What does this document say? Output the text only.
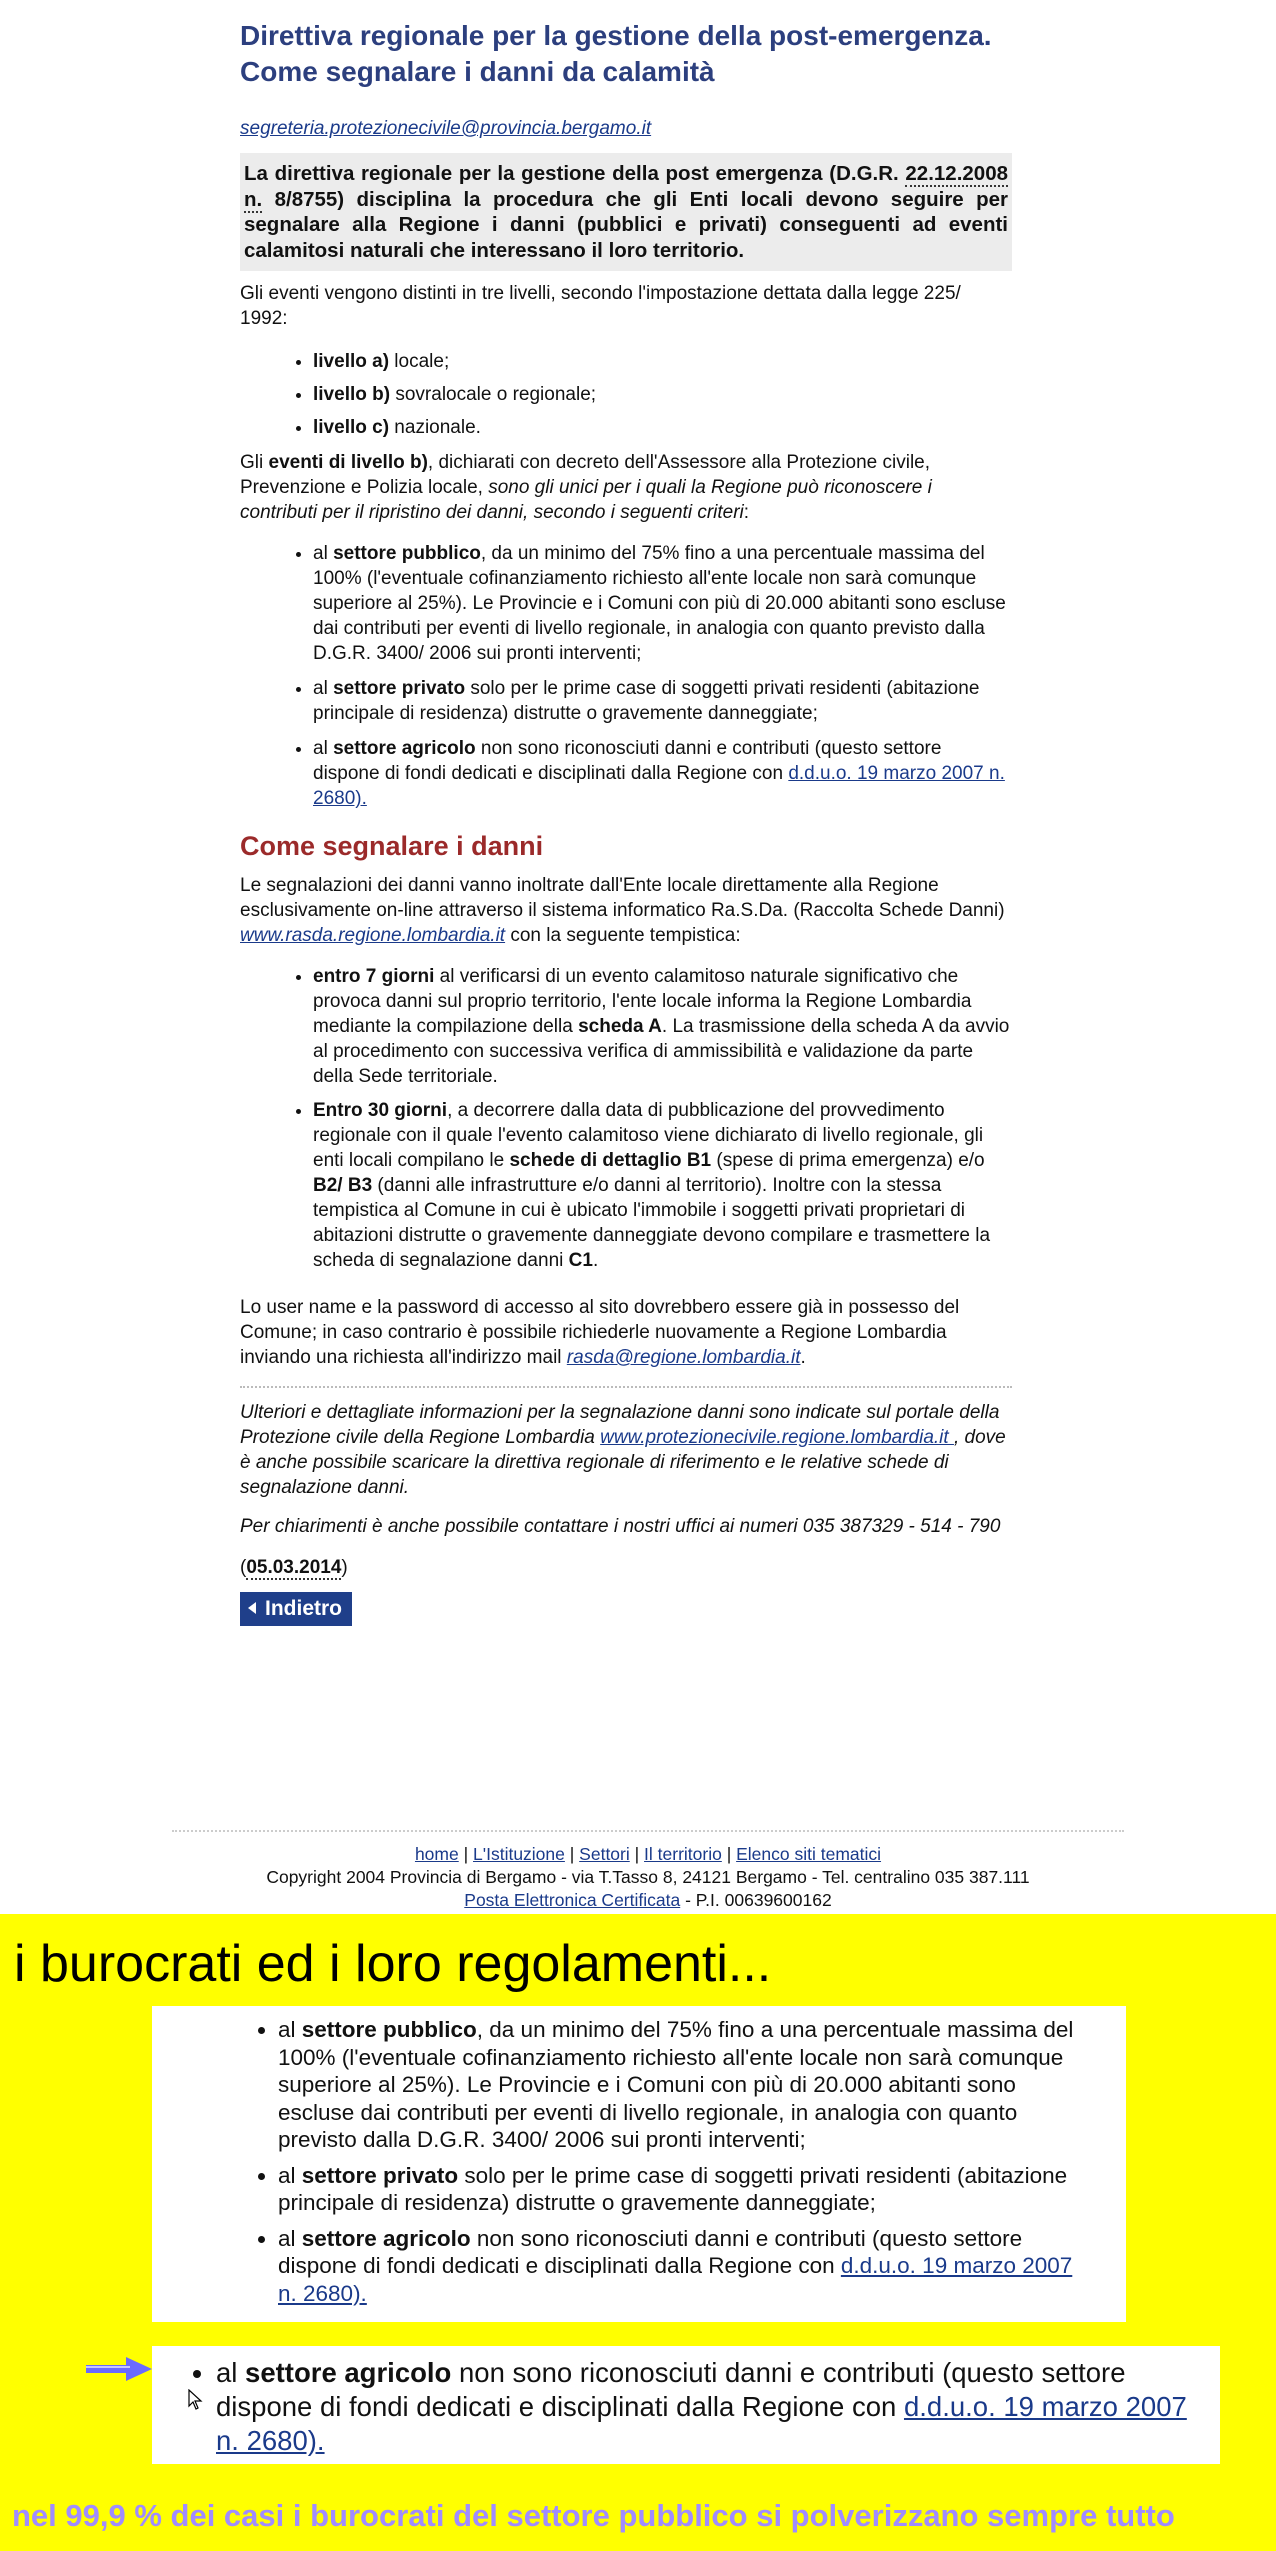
Direttiva regionale per la gestione della post-emergenza. Come segnalare i danni da calamità
segreteria.protezionecivile@provincia.bergamo.it
La direttiva regionale per la gestione della post emergenza (D.G.R. 22.12.2008 n. 8/8755) disciplina la procedura che gli Enti locali devono seguire per segnalare alla Regione i danni (pubblici e privati) conseguenti ad eventi calamitosi naturali che interessano il loro territorio.

Gli eventi vengono distinti in tre livelli, secondo l'impostazione dettata dalla legge 225/ 1992:

• livello a) locale;
• livello b) sovralocale o regionale;
• livello c) nazionale.

Gli eventi di livello b), dichiarati con decreto dell'Assessore alla Protezione civile, Prevenzione e Polizia locale, sono gli unici per i quali la Regione può riconoscere i contributi per il ripristino dei danni, secondo i seguenti criteri:

• al settore pubblico, da un minimo del 75% fino a una percentuale massima del 100% (l'eventuale cofinanziamento richiesto all'ente locale non sarà comunque superiore al 25%). Le Provincie e i Comuni con più di 20.000 abitanti sono escluse dai contributi per eventi di livello regionale, in analogia con quanto previsto dalla D.G.R. 3400/ 2006 sui pronti interventi;
• al settore privato solo per le prime case di soggetti privati residenti (abitazione principale di residenza) distrutte o gravemente danneggiate;
• al settore agricolo non sono riconosciuti danni e contributi (questo settore dispone di fondi dedicati e disciplinati dalla Regione con d.d.u.o. 19 marzo 2007 n. 2680).
Come segnalare i danni

Le segnalazioni dei danni vanno inoltrate dall'Ente locale direttamente alla Regione esclusivamente on-line attraverso il sistema informatico Ra.S.Da. (Raccolta Schede Danni) www.rasda.regione.lombardia.it con la seguente tempistica:

• entro 7 giorni al verificarsi di un evento calamitoso naturale significativo che provoca danni sul proprio territorio, l'ente locale informa la Regione Lombardia mediante la compilazione della scheda A. La trasmissione della scheda A da avvio al procedimento con successiva verifica di ammissibilità e validazione da parte della Sede territoriale.
• Entro 30 giorni, a decorrere dalla data di pubblicazione del provvedimento regionale con il quale l'evento calamitoso viene dichiarato di livello regionale, gli enti locali compilano le schede di dettaglio B1 (spese di prima emergenza) e/o B2/ B3 (danni alle infrastrutture e/o danni al territorio). Inoltre con la stessa tempistica al Comune in cui è ubicato l'immobile i soggetti privati proprietari di abitazioni distrutte o gravemente danneggiate devono compilare e trasmettere la scheda di segnalazione danni C1.

Lo user name e la password di accesso al sito dovrebbero essere già in possesso del Comune; in caso contrario è possibile richiederle nuovamente a Regione Lombardia inviando una richiesta all'indirizzo mail rasda@regione.lombardia.it.

Ulteriori e dettagliate informazioni per la segnalazione danni sono indicate sul portale della Protezione civile della Regione Lombardia www.protezionecivile.regione.lombardia.it , dove è anche possibile scaricare la direttiva regionale di riferimento e le relative schede di segnalazione danni.

Per chiarimenti è anche possibile contattare i nostri uffici ai numeri 035 387329 - 514 - 790

(05.03.2014)

Indietro
home | L'Istituzione | Settori | Il territorio | Elenco siti tematici
Copyright 2004 Provincia di Bergamo - via T.Tasso 8, 24121 Bergamo - Tel. centralino 035 387.111
Posta Elettronica Certificata - P.I. 00639600162
i burocrati ed i loro regolamenti...
• al settore pubblico, da un minimo del 75% fino a una percentuale massima del 100% (l'eventuale cofinanziamento richiesto all'ente locale non sarà comunque superiore al 25%). Le Provincie e i Comuni con più di 20.000 abitanti sono escluse dai contributi per eventi di livello regionale, in analogia con quanto previsto dalla D.G.R. 3400/ 2006 sui pronti interventi;
• al settore privato solo per le prime case di soggetti privati residenti (abitazione principale di residenza) distrutte o gravemente danneggiate;
• al settore agricolo non sono riconosciuti danni e contributi (questo settore dispone di fondi dedicati e disciplinati dalla Regione con d.d.u.o. 19 marzo 2007 n. 2680).
• al settore agricolo non sono riconosciuti danni e contributi (questo settore dispone di fondi dedicati e disciplinati dalla Regione con d.d.u.o. 19 marzo 2007 n. 2680).
nel 99,9 % dei casi i burocrati del settore pubblico si polverizzano sempre tutto
